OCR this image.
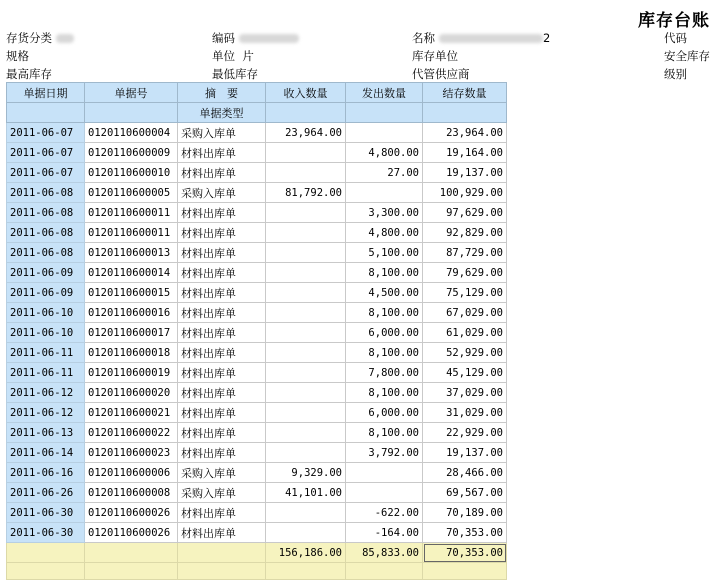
库存台账
存货分类	编码	名称	2	代码
规格	单位 片	库存单位	安全库存
最高库存	最低库存	代管供应商	级别
单据日期	单据号	摘　要	收入数量	发出数量	结存数量
		单据类型			
2011-06-07	0120110600004	采购入库单	23,964.00		23,964.00
2011-06-07	0120110600009	材料出库单		4,800.00	19,164.00
2011-06-07	0120110600010	材料出库单		27.00	19,137.00
2011-06-08	0120110600005	采购入库单	81,792.00		100,929.00
2011-06-08	0120110600011	材料出库单		3,300.00	97,629.00
2011-06-08	0120110600011	材料出库单		4,800.00	92,829.00
2011-06-08	0120110600013	材料出库单		5,100.00	87,729.00
2011-06-09	0120110600014	材料出库单		8,100.00	79,629.00
2011-06-09	0120110600015	材料出库单		4,500.00	75,129.00
2011-06-10	0120110600016	材料出库单		8,100.00	67,029.00
2011-06-10	0120110600017	材料出库单		6,000.00	61,029.00
2011-06-11	0120110600018	材料出库单		8,100.00	52,929.00
2011-06-11	0120110600019	材料出库单		7,800.00	45,129.00
2011-06-12	0120110600020	材料出库单		8,100.00	37,029.00
2011-06-12	0120110600021	材料出库单		6,000.00	31,029.00
2011-06-13	0120110600022	材料出库单		8,100.00	22,929.00
2011-06-14	0120110600023	材料出库单		3,792.00	19,137.00
2011-06-16	0120110600006	采购入库单	9,329.00		28,466.00
2011-06-26	0120110600008	采购入库单	41,101.00		69,567.00
2011-06-30	0120110600026	材料出库单		-622.00	70,189.00
2011-06-30	0120110600026	材料出库单		-164.00	70,353.00
			156,186.00	85,833.00	70,353.00
